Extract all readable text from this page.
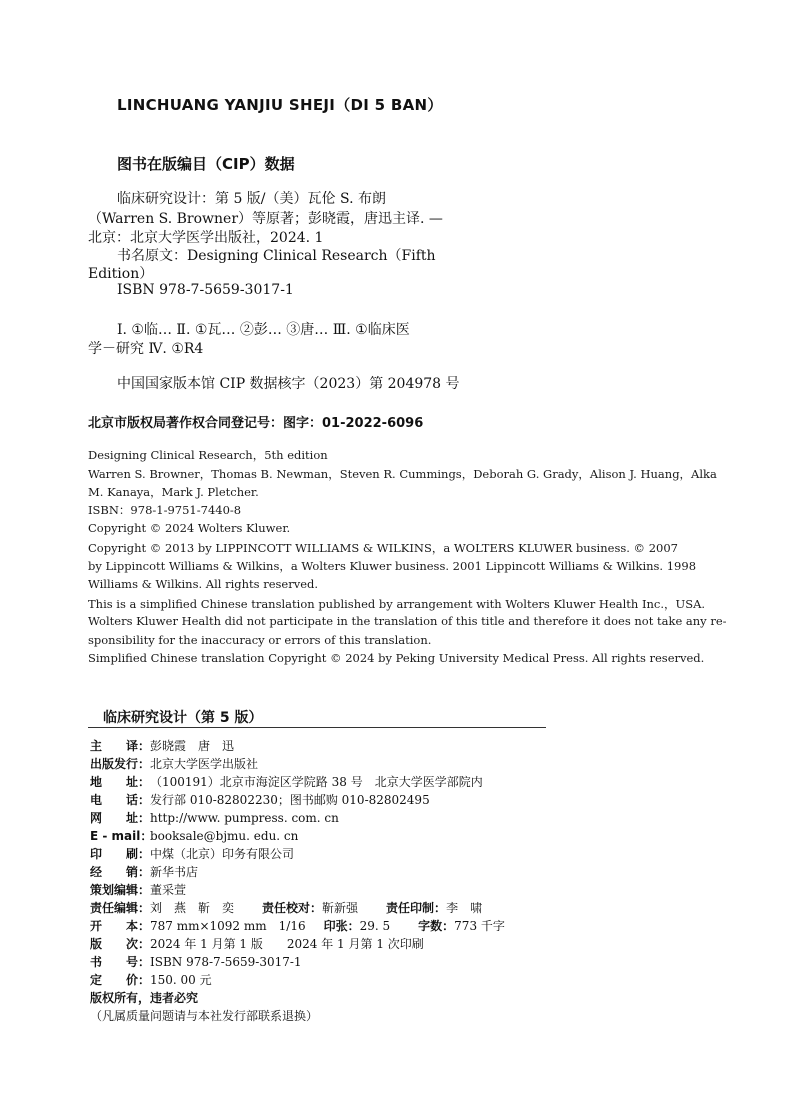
LINCHUANG YANJIU SHEJI（DI 5 BAN）
图书在版编目（CIP）数据
临床研究设计：第 5 版/（美）瓦伦 S. 布朗
（Warren S. Browner）等原著；彭晓霞，唐迅主译. —
北京：北京大学医学出版社，2024. 1
书名原文：Designing Clinical Research（Fifth
Edition）
ISBN 978-7-5659-3017-1
Ⅰ. ①临… Ⅱ. ①瓦… ②彭… ③唐… Ⅲ. ①临床医
学－研究 Ⅳ. ①R4
中国国家版本馆 CIP 数据核字（2023）第 204978 号
北京市版权局著作权合同登记号：图字：01-2022-6096
Designing Clinical Research，5th edition
Warren S. Browner，Thomas B. Newman，Steven R. Cummings，Deborah G. Grady，Alison J. Huang，Alka
M. Kanaya，Mark J. Pletcher.
ISBN：978-1-9751-7440-8
Copyright © 2024 Wolters Kluwer.
Copyright © 2013 by LIPPINCOTT WILLIAMS & WILKINS，a WOLTERS KLUWER business. © 2007
by Lippincott Williams & Wilkins，a Wolters Kluwer business. 2001 Lippincott Williams & Wilkins. 1998
Williams & Wilkins. All rights reserved.
This is a simplified Chinese translation published by arrangement with Wolters Kluwer Health Inc.，USA.
Wolters Kluwer Health did not participate in the translation of this title and therefore it does not take any re-
sponsibility for the inaccuracy or errors of this translation.
Simplified Chinese translation Copyright © 2024 by Peking University Medical Press. All rights reserved.
临床研究设计（第 5 版）
主　　译：彭晓霞　唐　迅
出版发行：北京大学医学出版社
地　　址：（100191）北京市海淀区学院路 38 号　北京大学医学部院内
电　　话：发行部 010-82802230；图书邮购 010-82802495
网　　址：http://www. pumpress. com. cn
E - mail：booksale@bjmu. edu. cn
印　　刷：中煤（北京）印务有限公司
经　　销：新华书店
策划编辑：董采萱
责任编辑：刘　燕　靳　奕 责任校对：靳新强 责任印制：李　啸
开　　本：787 mm×1092 mm　1/16 印张：29. 5 字数：773 千字
版　　次：2024 年 1 月第 1 版　　2024 年 1 月第 1 次印刷
书　　号：ISBN 978-7-5659-3017-1
定　　价：150. 00 元
版权所有，违者必究
（凡属质量问题请与本社发行部联系退换）
